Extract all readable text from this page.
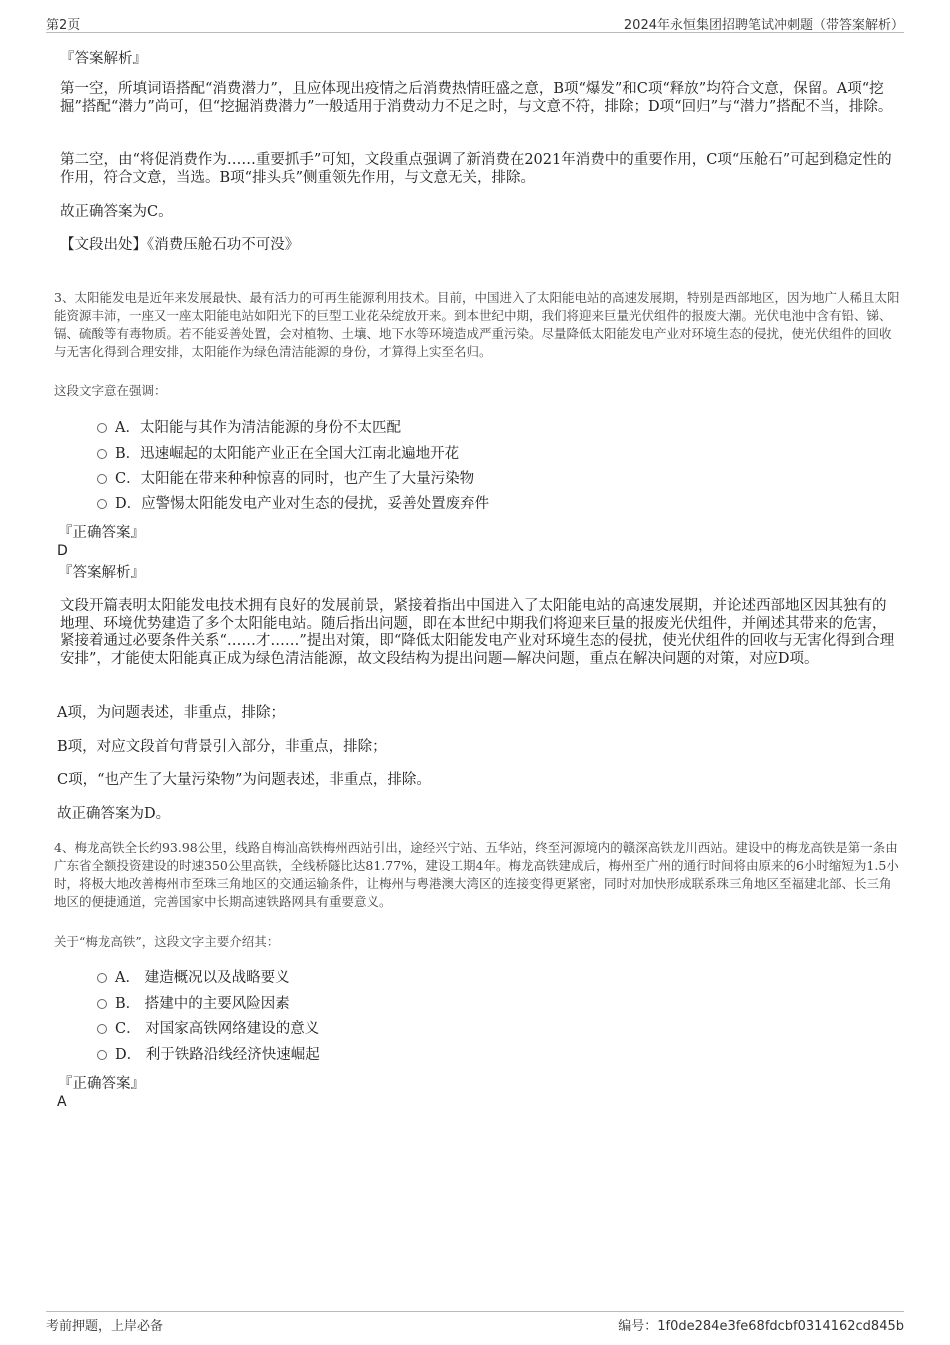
第2页	2024年永恒集团招聘笔试冲刺题（带答案解析）
『答案解析』
第一空，所填词语搭配“消费潜力”，且应体现出疫情之后消费热情旺盛之意，B项“爆发”和C项“释放”均符合文意，保留。A项“挖掘”搭配“潜力”尚可，但“挖掘消费潜力”一般适用于消费动力不足之时，与文意不符，排除；D项“回归”与“潜力”搭配不当，排除。
第二空，由“将促消费作为……重要抓手”可知，文段重点强调了新消费在2021年消费中的重要作用，C项“压舱石”可起到稳定性的作用，符合文意，当选。B项“排头兵”侧重领先作用，与文意无关，排除。
故正确答案为C。
【文段出处】《消费压舱石功不可没》
3、太阳能发电是近年来发展最快、最有活力的可再生能源利用技术。目前，中国进入了太阳能电站的高速发展期，特别是西部地区，因为地广人稀且太阳能资源丰沛，一座又一座太阳能电站如阳光下的巨型工业花朵绽放开来。到本世纪中期，我们将迎来巨量光伏组件的报废大潮。光伏电池中含有铅、锑、镉、硫酸等有毒物质。若不能妥善处置，会对植物、土壤、地下水等环境造成严重污染。尽量降低太阳能发电产业对环境生态的侵扰，使光伏组件的回收与无害化得到合理安排，太阳能作为绿色清洁能源的身份，才算得上实至名归。
这段文字意在强调：
A．太阳能与其作为清洁能源的身份不太匹配
B．迅速崛起的太阳能产业正在全国大江南北遍地开花
C．太阳能在带来种种惊喜的同时，也产生了大量污染物
D．应警惕太阳能发电产业对生态的侵扰，妥善处置废弃件
『正确答案』
D
『答案解析』
文段开篇表明太阳能发电技术拥有良好的发展前景，紧接着指出中国进入了太阳能电站的高速发展期，并论述西部地区因其独有的地理、环境优势建造了多个太阳能电站。随后指出问题，即在本世纪中期我们将迎来巨量的报废光伏组件，并阐述其带来的危害，紧接着通过必要条件关系“……才……”提出对策，即“降低太阳能发电产业对环境生态的侵扰，使光伏组件的回收与无害化得到合理安排”，才能使太阳能真正成为绿色清洁能源，故文段结构为提出问题—解决问题，重点在解决问题的对策，对应D项。
A项，为问题表述，非重点，排除；
B项，对应文段首句背景引入部分，非重点，排除；
C项，“也产生了大量污染物”为问题表述，非重点，排除。
故正确答案为D。
4、梅龙高铁全长约93.98公里，线路自梅汕高铁梅州西站引出，途经兴宁站、五华站，终至河源境内的赣深高铁龙川西站。建设中的梅龙高铁是第一条由广东省全额投资建设的时速350公里高铁，全线桥隧比达81.77%，建设工期4年。梅龙高铁建成后，梅州至广州的通行时间将由原来的6小时缩短为1.5小时，将极大地改善梅州市至珠三角地区的交通运输条件，让梅州与粤港澳大湾区的连接变得更紧密，同时对加快形成联系珠三角地区至福建北部、长三角地区的便捷通道，完善国家中长期高速铁路网具有重要意义。
关于“梅龙高铁”，这段文字主要介绍其：
A． 建造概况以及战略要义
B． 搭建中的主要风险因素
C． 对国家高铁网络建设的意义
D． 利于铁路沿线经济快速崛起
『正确答案』
A
考前押题，上岸必备	编号：1f0de284e3fe68fdcbf0314162cd845b
